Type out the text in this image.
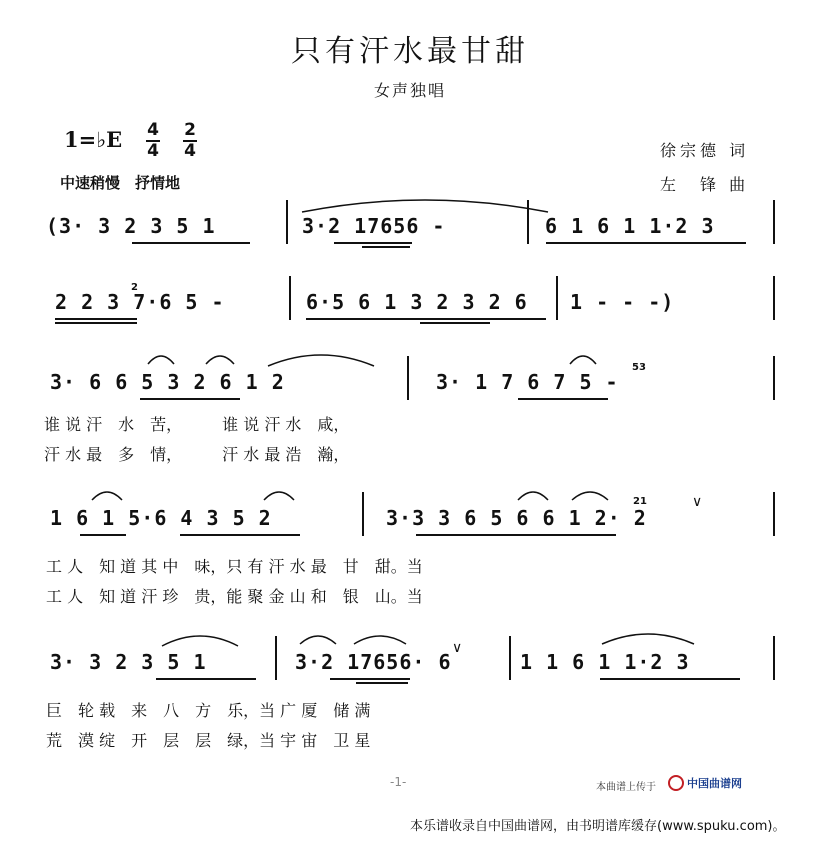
只有汗水最甘甜
女声独唱
1=♭E 4
4
2
4
中速稍慢　抒情地
徐宗德 词
左　锋 曲
(3· 3 2 3 5 1	3·2 17656 -	6 1 6 1 1·2 3
2 2 3 7·6 5 -
2
6·5 6 1 3 2 3 2 6 1 - - -)
3· 6 6 5 3 2 6 1 2	3· 1 7 6 7 5 -
53
谁 说 汗　水　苦，　　　谁 说 汗 水　咸，
汗 水 最　多　情，　　　汗 水 最 浩　瀚，
1 6 1 5·6 4 3 5 2	3·3 3 6 5 6 6 1 2· 2
21	∨
工 人　知 道 其 中　味，只 有 汗 水 最　甘　甜。当
工 人　知 道 汗 珍　贵，能 聚 金 山 和　银　山。当
3· 3 2 3 5 1	3·2 17656· 6
∨
1 1 6 1 1·2 3
巨　轮 载　来　八　方　乐，当 广 厦　储 满
荒　漠 绽　开　层　层　绿，当 宇 宙　卫 星
-1-	本曲谱上传于	中国曲谱网
本乐谱收录自中国曲谱网，由书明谱库缓存(www.spuku.com)。
